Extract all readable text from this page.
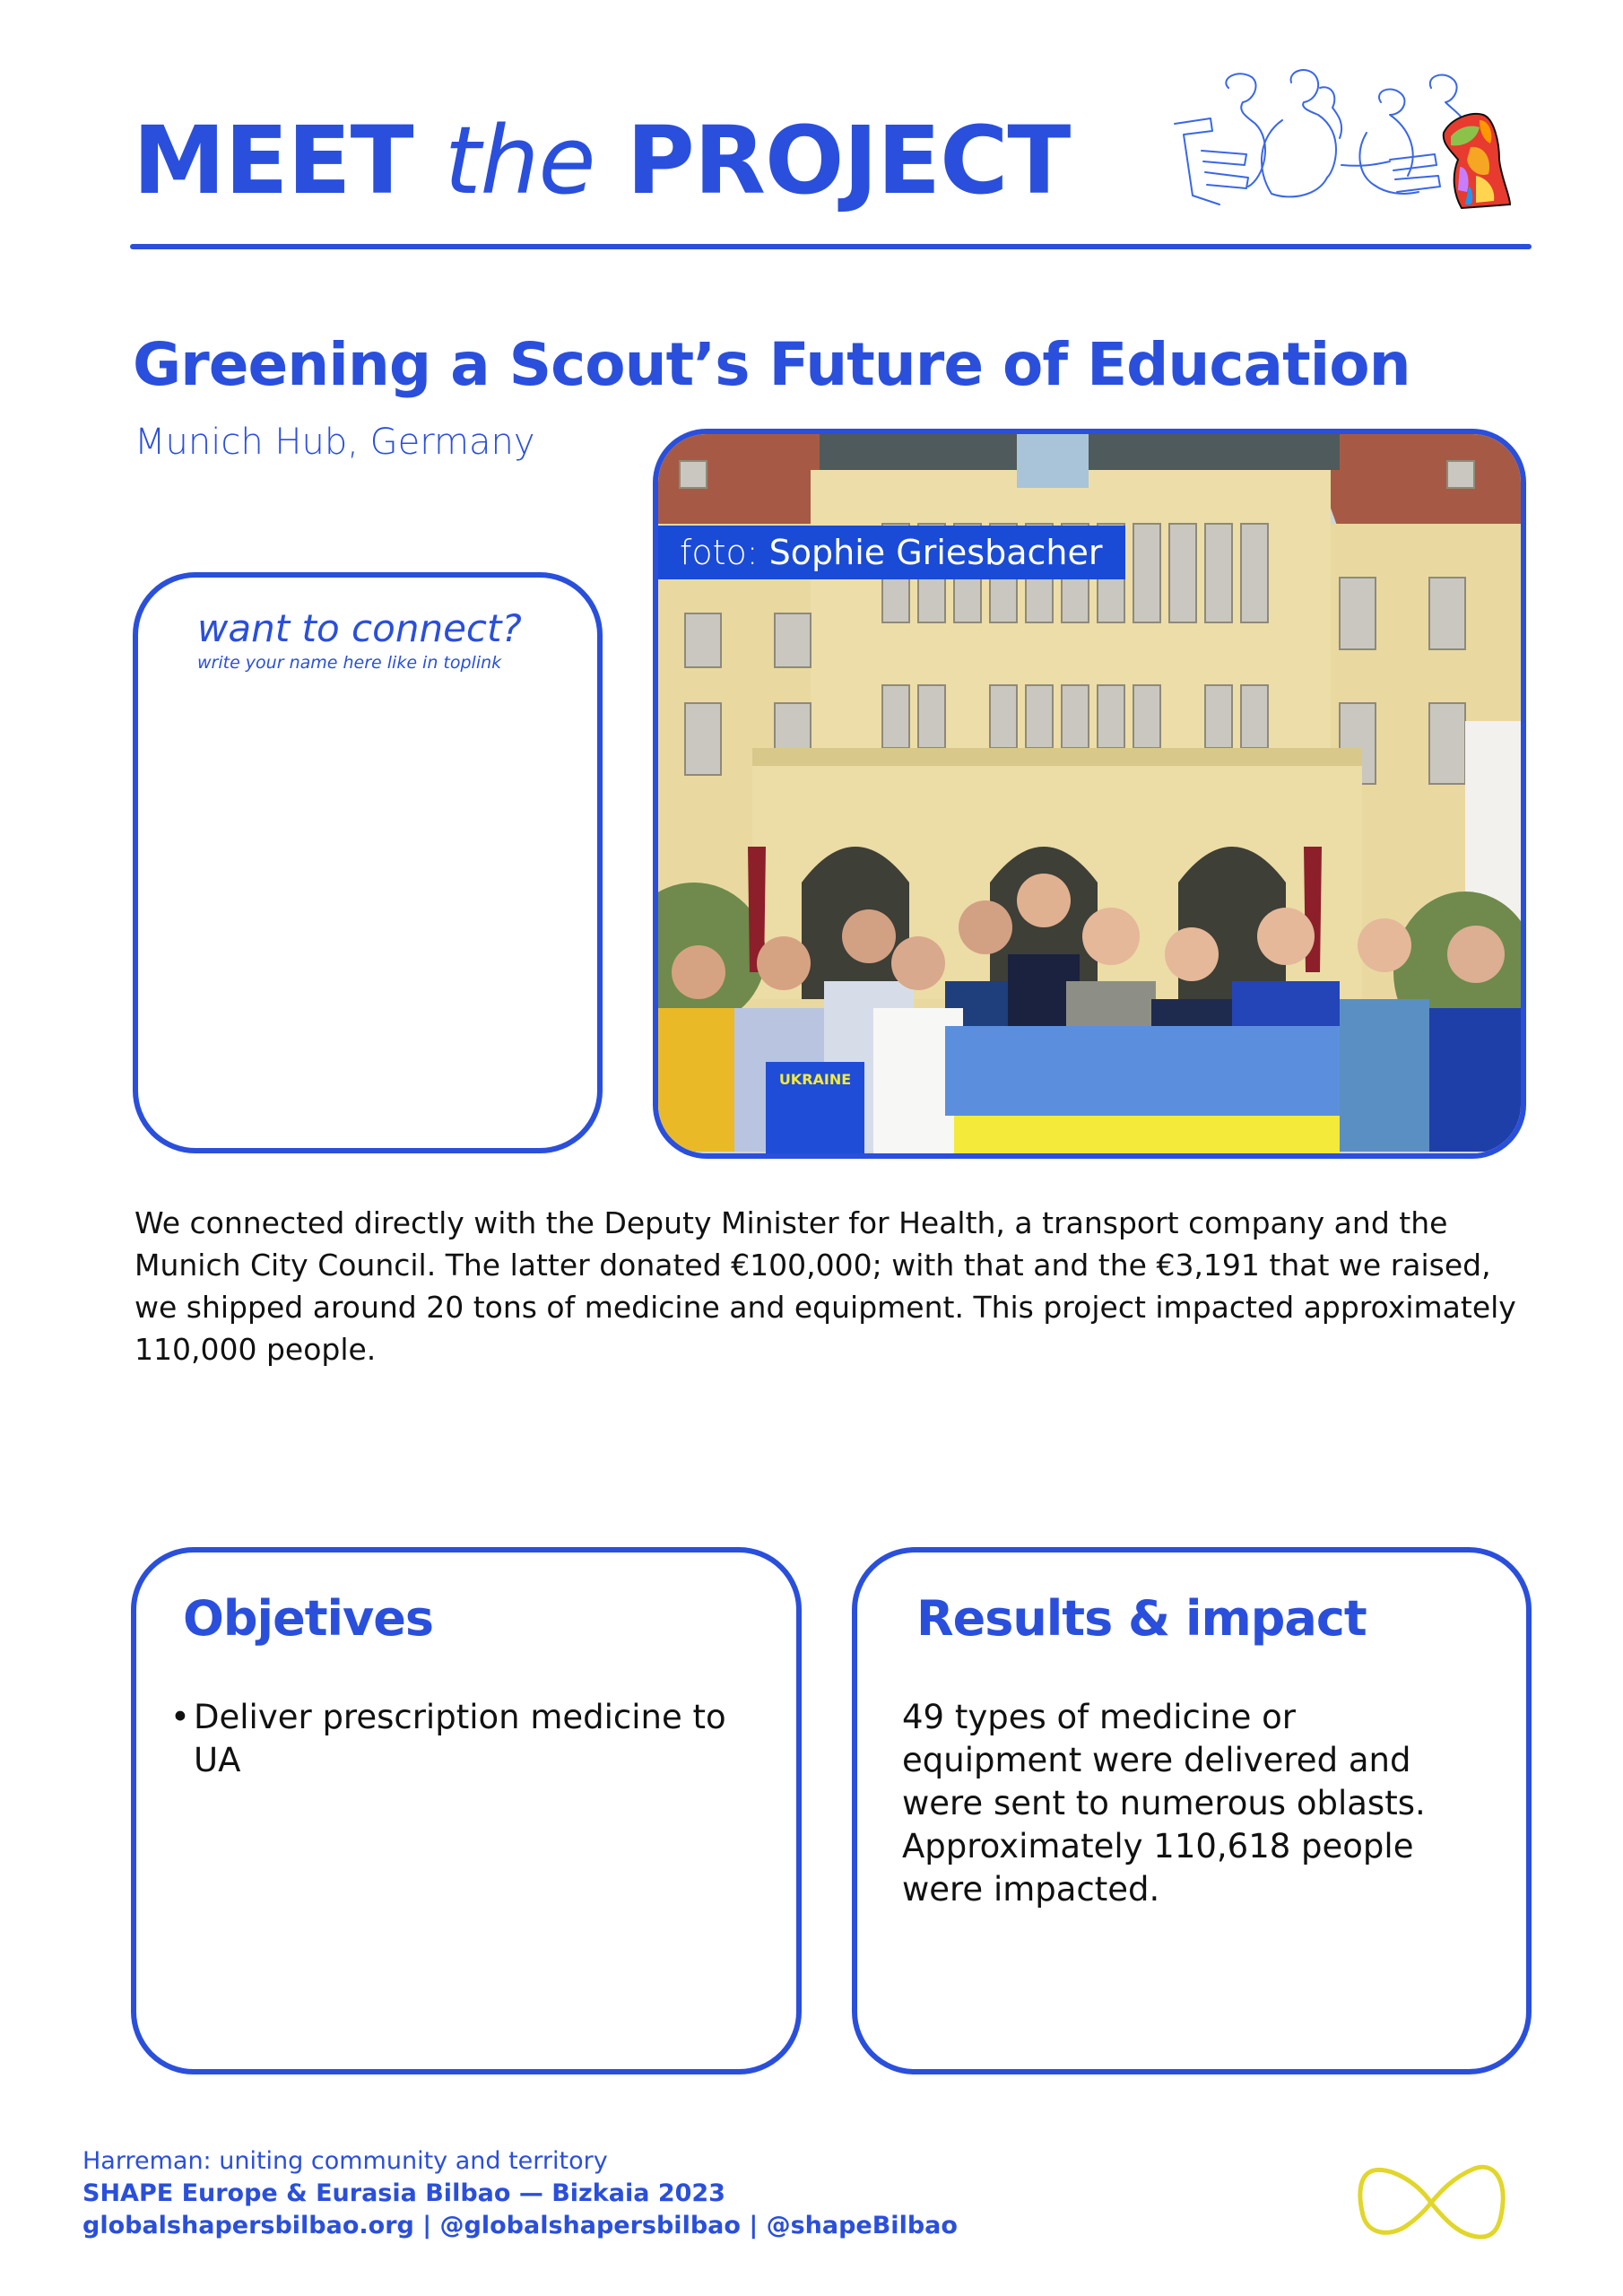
MEET the PROJECT
Greening a Scout’s Future of Education
Munich Hub, Germany
want to connect?
write your name here like in toplink
UKRAINE
foto: Sophie Griesbacher
We connected directly with the Deputy Minister for Health, a transport company and the Munich City Council. The latter donated €100,000; with that and the €3,191 that we raised, we shipped around 20 tons of medicine and equipment. This project impacted approximately 110,000 people.
Objetives
• Deliver prescription medicine to UA
Results & impact
49 types of medicine or equipment were delivered and were sent to numerous oblasts. Approximately 110,618 people were impacted.
Harreman: uniting community and territory
SHAPE Europe & Eurasia Bilbao — Bizkaia 2023
globalshapersbilbao.org | @globalshapersbilbao | @shapeBilbao
